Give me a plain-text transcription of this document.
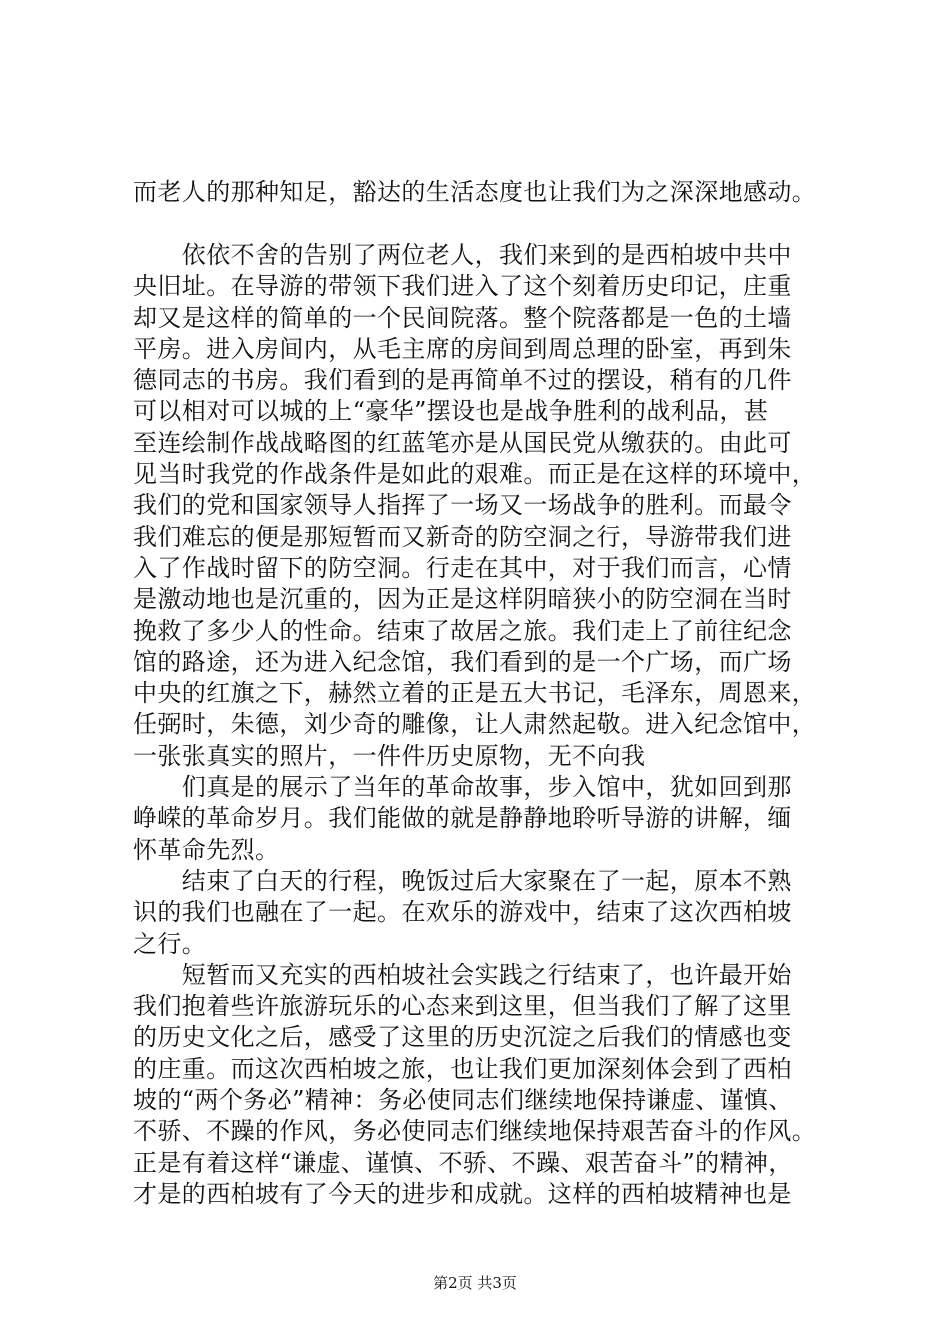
而老人的那种知足，豁达的生活态度也让我们为之深深地感动。
　　依依不舍的告别了两位老人，我们来到的是西柏坡中共中
央旧址。在导游的带领下我们进入了这个刻着历史印记，庄重
却又是这样的简单的一个民间院落。整个院落都是一色的土墙
平房。进入房间内，从毛主席的房间到周总理的卧室，再到朱
德同志的书房。我们看到的是再简单不过的摆设，稍有的几件
可以相对可以城的上“豪华”摆设也是战争胜利的战利品，甚
至连绘制作战战略图的红蓝笔亦是从国民党从缴获的。由此可
见当时我党的作战条件是如此的艰难。而正是在这样的环境中，
我们的党和国家领导人指挥了一场又一场战争的胜利。而最令
我们难忘的便是那短暂而又新奇的防空洞之行，导游带我们进
入了作战时留下的防空洞。行走在其中，对于我们而言，心情
是激动地也是沉重的，因为正是这样阴暗狭小的防空洞在当时
挽救了多少人的性命。结束了故居之旅。我们走上了前往纪念
馆的路途，还为进入纪念馆，我们看到的是一个广场，而广场
中央的红旗之下，赫然立着的正是五大书记，毛泽东，周恩来，
任弼时，朱德，刘少奇的雕像，让人肃然起敬。进入纪念馆中，
一张张真实的照片，一件件历史原物，无不向我
　　们真是的展示了当年的革命故事，步入馆中，犹如回到那
峥嵘的革命岁月。我们能做的就是静静地聆听导游的讲解，缅
怀革命先烈。
　　结束了白天的行程，晚饭过后大家聚在了一起，原本不熟
识的我们也融在了一起。在欢乐的游戏中，结束了这次西柏坡
之行。
　　短暂而又充实的西柏坡社会实践之行结束了，也许最开始
我们抱着些许旅游玩乐的心态来到这里，但当我们了解了这里
的历史文化之后，感受了这里的历史沉淀之后我们的情感也变
的庄重。而这次西柏坡之旅，也让我们更加深刻体会到了西柏
坡的“两个务必”精神：务必使同志们继续地保持谦虚、谨慎、
不骄、不躁的作风，务必使同志们继续地保持艰苦奋斗的作风。
正是有着这样“谦虚、谨慎、不骄、不躁、艰苦奋斗”的精神，
才是的西柏坡有了今天的进步和成就。这样的西柏坡精神也是
第2页 共3页
